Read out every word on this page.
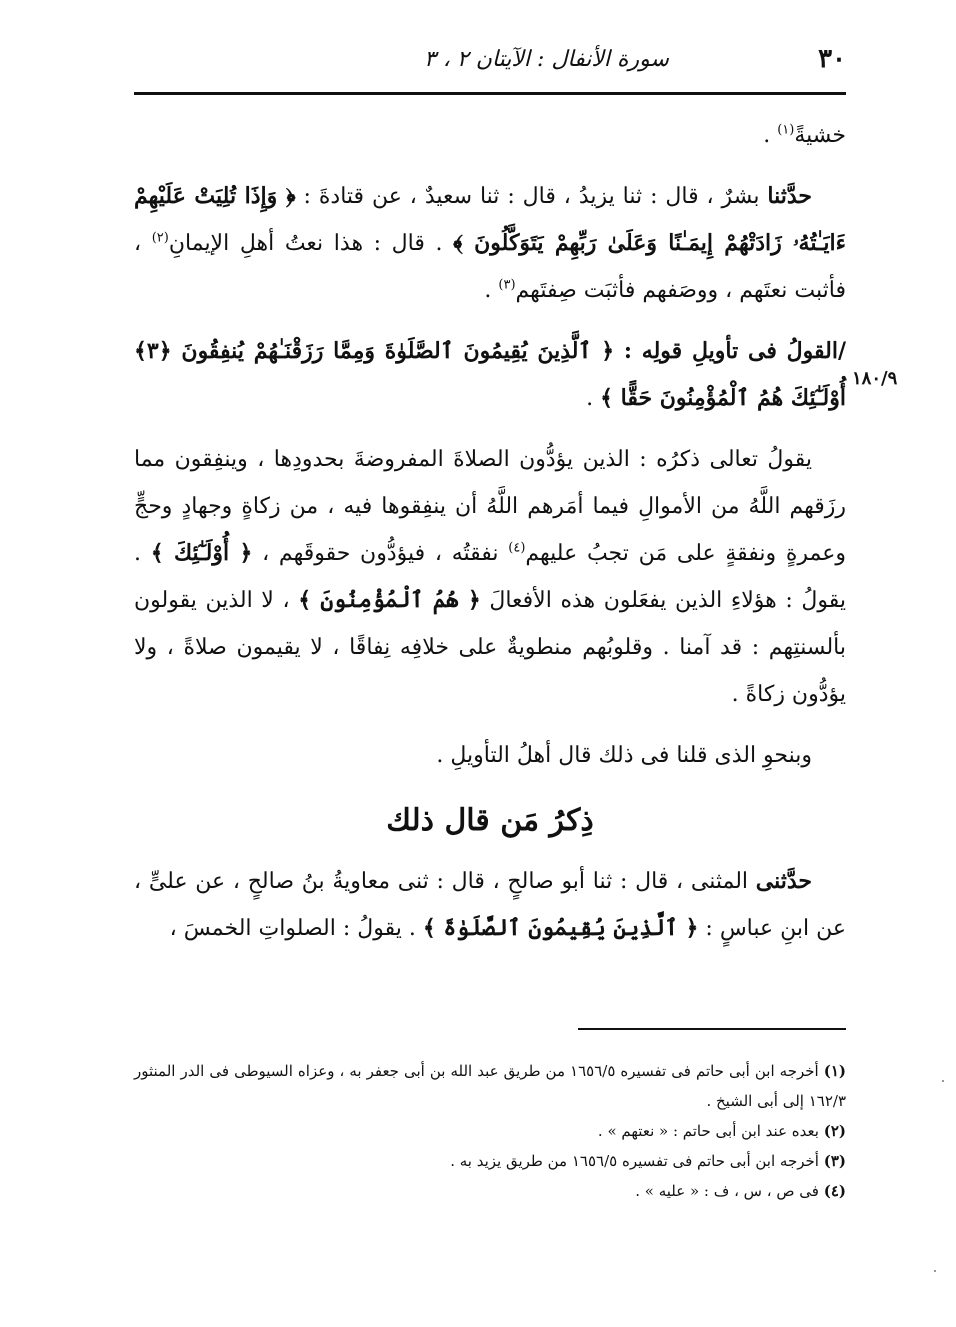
٣٠
سورة الأنفال : الآيتان ٢ ، ٣
١٨٠/٩

خشيةً$^{(١)}$ .

حدَّثنا بشرٌ ، قال : ثنا يزيدُ ، قال : ثنا سعيدٌ ، عن قتادةَ : ﴿ وَإِذَا تُلِيَتْ عَلَيْهِمْ ءَايَـٰتُهُۥ زَادَتْهُمْ إِيمَـٰنًا وَعَلَىٰ رَبِّهِمْ يَتَوَكَّلُونَ ﴾ . قال : هذا نعتُ أهلِ الإيمانِ$^{(٢)}$ ، فأثبت نعتَهم ، ووصَفهم فأثبَت صِفتَهم$^{(٣)}$ .

/القولُ فى تأويلِ قولِه : ﴿ ٱلَّذِينَ يُقِيمُونَ ٱلصَّلَوٰةَ وَمِمَّا رَزَقْنَـٰهُمْ يُنفِقُونَ ﴿٣﴾ أُوْلَـٰٓئِكَ هُمُ ٱلْمُؤْمِنُونَ حَقًّا ﴾ .

يقولُ تعالى ذكرُه : الذين يؤدُّون الصلاةَ المفروضةَ بحدودِها ، وينفِقون مما رزَقهم اللَّهُ من الأموالِ فيما أمَرهم اللَّهُ أن ينفِقوها فيه ، من زكاةٍ وجهادٍ وحجٍّ وعمرةٍ ونفقةٍ على مَن تجبُ عليهم$^{(٤)}$ نفقتُه ، فيؤدُّون حقوقَهم ، ﴿ أُوْلَـٰٓئِكَ ﴾ . يقولُ : هؤلاءِ الذين يفعَلون هذه الأفعالَ ﴿ هُمُ ٱلْمُؤْمِنُونَ ﴾ ، لا الذين يقولون بألسنتِهم : قد آمنا . وقلوبُهم منطويةٌ على خلافِه نِفاقًا ، لا يقيمون صلاةً ، ولا يؤدُّون زكاةً .

وبنحوِ الذى قلنا فى ذلك قال أهلُ التأويلِ .

ذِكرُ مَن قال ذلك

حدَّثنى المثنى ، قال : ثنا أبو صالحٍ ، قال : ثنى معاويةُ بنُ صالحٍ ، عن علىٍّ ، عن ابنِ عباسٍ : ﴿ ٱلَّذِينَ يُقِيمُونَ ٱلصَّلَوٰةَ ﴾ . يقولُ : الصلواتِ الخمسَ ،

(١) أخرجه ابن أبى حاتم فى تفسيره ١٦٥٦/٥ من طريق عبد الله بن أبى جعفر به ، وعزاه السيوطى فى الدر المنثور ١٦٢/٣ إلى أبى الشيخ .

(٢) بعده عند ابن أبى حاتم : « نعتهم » .

(٣) أخرجه ابن أبى حاتم فى تفسيره ١٦٥٦/٥ من طريق يزيد به .

(٤) فى ص ، س ، ف : « عليه » .
